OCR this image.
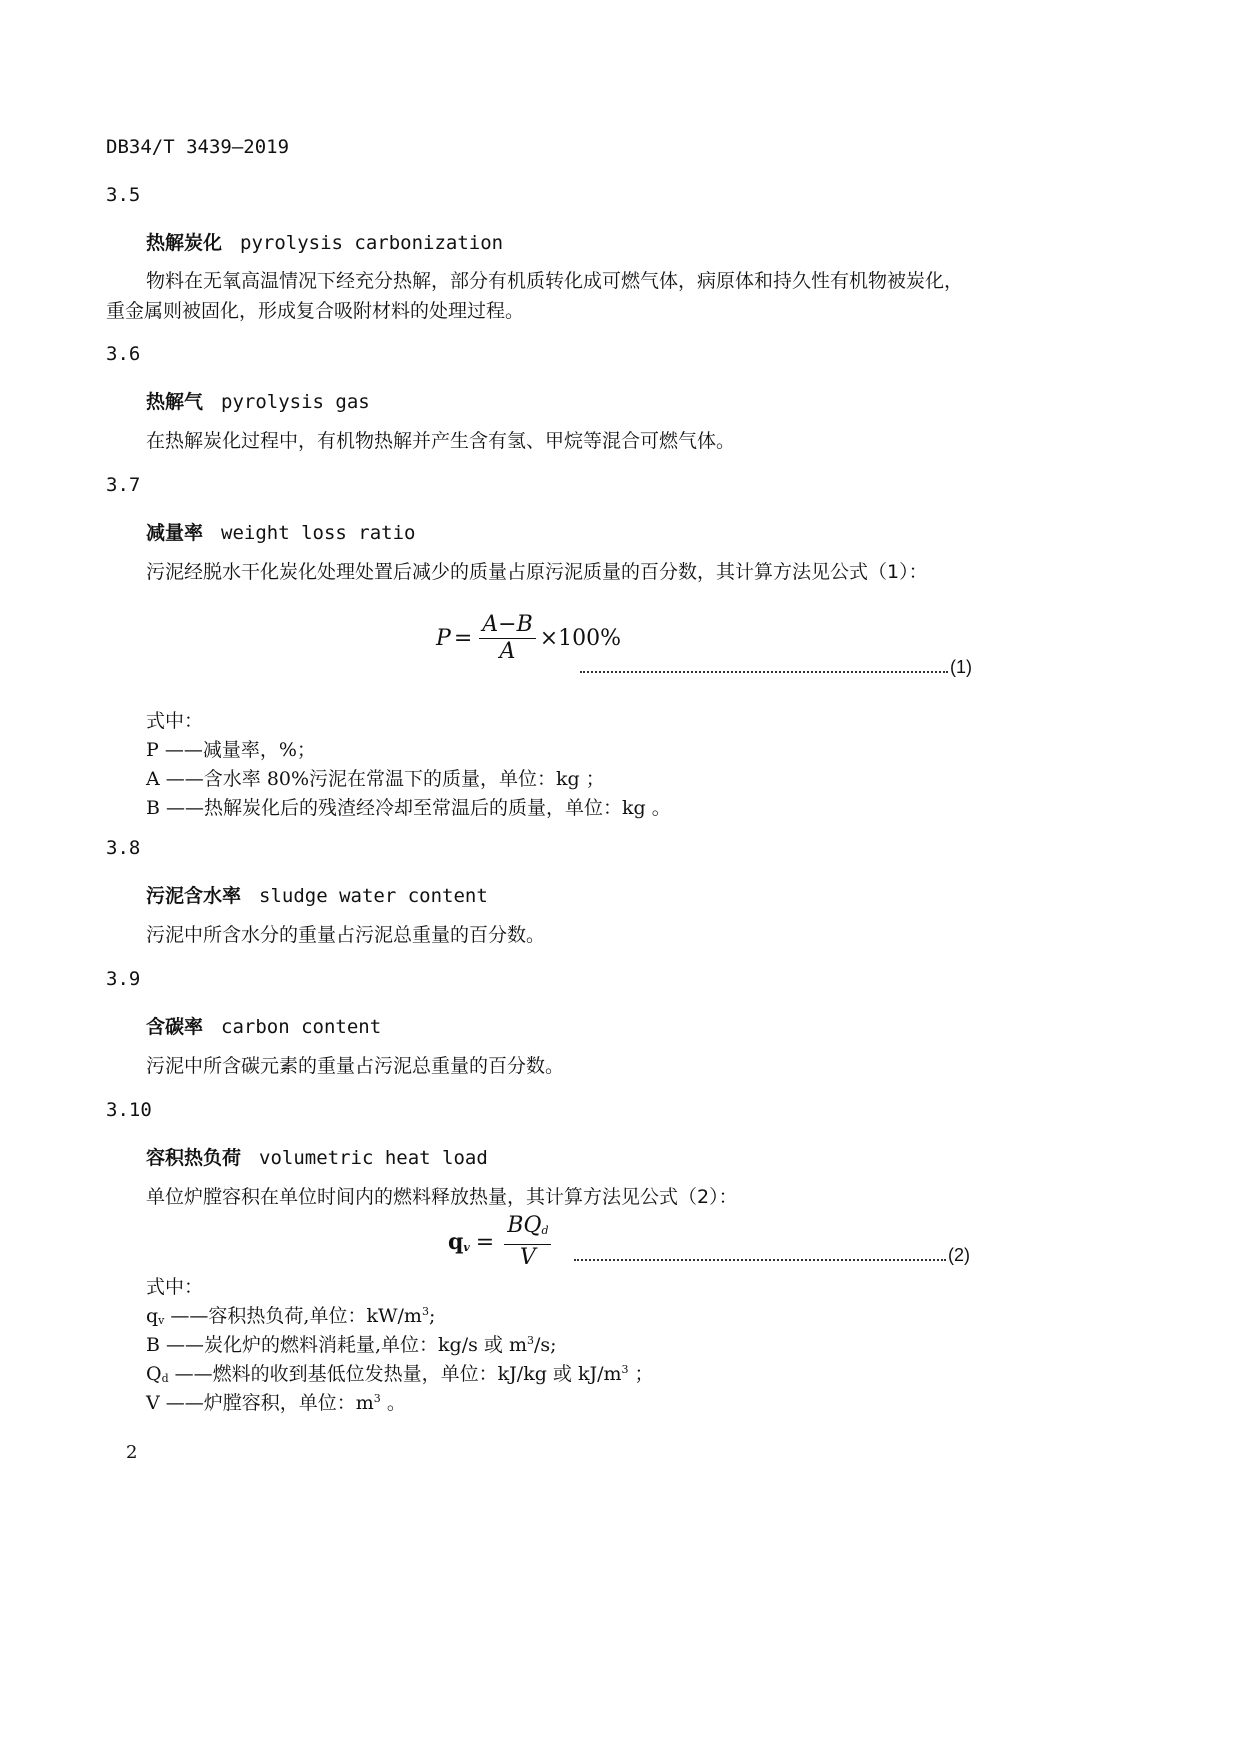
DB34/T 3439—2019
3.5
热解炭化 pyrolysis carbonization
物料在无氧高温情况下经充分热解，部分有机质转化成可燃气体，病原体和持久性有机物被炭化，
重金属则被固化，形成复合吸附材料的处理过程。
3.6
热解气 pyrolysis gas
在热解炭化过程中，有机物热解并产生含有氢、甲烷等混合可燃气体。
3.7
减量率 weight loss ratio
污泥经脱水干化炭化处理处置后减少的质量占原污泥质量的百分数，其计算方法见公式（1）：
$P = \frac{A-B}{A} \times 100\%$
(1)
式中：
P ——减量率，%；
A ——含水率 80%污泥在常温下的质量，单位：kg ；
B ——热解炭化后的残渣经冷却至常温后的质量，单位：kg 。
3.8
污泥含水率 sludge water content
污泥中所含水分的重量占污泥总重量的百分数。
3.9
含碳率 carbon content
污泥中所含碳元素的重量占污泥总重量的百分数。
3.10
容积热负荷 volumetric heat load
单位炉膛容积在单位时间内的燃料释放热量，其计算方法见公式（2）：
qv = $\frac{\text{BQd}}{V}$	(2)
式中：
qv ——容积热负荷,单位：$kW/m^3$;
B ——炭化炉的燃料消耗量,单位：kg/s 或 $m^3/s$;
Qd ——燃料的收到基低位发热量，单位：kJ/kg 或 $kJ/m^3$ ；
V ——炉膛容积，单位：$m^3$ 。
2
